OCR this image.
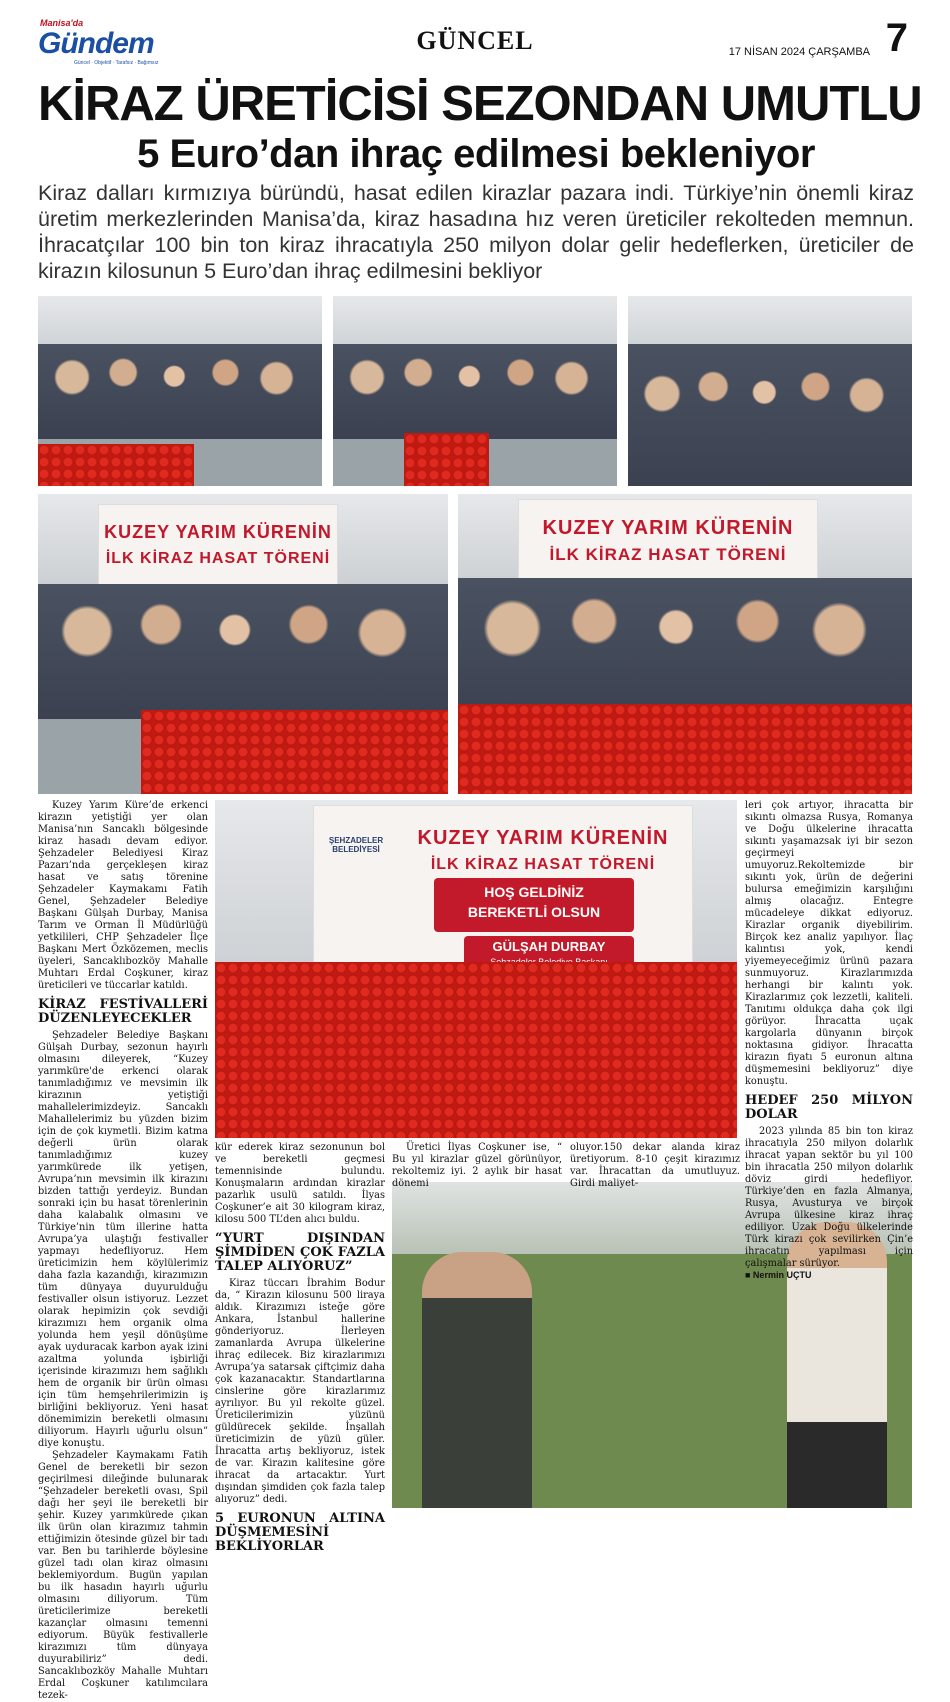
Manisa'da
Gündem
Güncel · Objektif · Tarafsız · Bağımsız
GÜNCEL	17 NİSAN 2024 ÇARŞAMBA 7
KİRAZ ÜRETİCİSİ SEZONDAN UMUTLU
5 Euro’dan ihraç edilmesi bekleniyor
Kiraz dalları kırmızıya büründü, hasat edilen kirazlar pazara indi. Türkiye’nin önemli kiraz üretim merkezlerinden Manisa’da, kiraz hasadına hız veren üreticiler rekolteden memnun. İhracatçılar 100 bin ton kiraz ihracatıyla 250 milyon dolar gelir hedeflerken, üreticiler de kirazın kilosunun 5 Euro’dan ihraç edilmesini bekliyor
KUZEY YARIM KÜRENİN
İLK KİRAZ HASAT TÖRENİ
KUZEY YARIM KÜRENİN
İLK KİRAZ HASAT TÖRENİ
ŞEHZADELER BELEDİYESİ
KUZEY YARIM KÜRENİN
İLK KİRAZ HASAT TÖRENİ
HOŞ GELDİNİZ
BEREKETLİ OLSUN
GÜLŞAH DURBAY

Kuzey Yarım Küre’de erkenci kirazın yetiştiği yer olan Manisa’nın Sancaklı bölgesinde kiraz hasadı devam ediyor. Şehzadeler Belediyesi Kiraz Pazarı’nda gerçekleşen kiraz hasat ve satış törenine Şehzadeler Kaymakamı Fatih Genel, Şehzadeler Belediye Başkanı Gülşah Durbay, Manisa Tarım ve Orman İl Müdürlüğü yetkilileri, CHP Şehzadeler İlçe Başkanı Mert Özközemen, meclis üyeleri, Sancaklıbozköy Mahalle Muhtarı Erdal Coşkuner, kiraz üreticileri ve tüccarlar katıldı.

KİRAZ FESTİVALLERİ DÜZENLEYECEKLER

Şehzadeler Belediye Başkanı Gülşah Durbay, sezonun hayırlı olmasını dileyerek, “Kuzey yarımküre'de erkenci olarak tanımladığımız ve mevsimin ilk kirazının yetiştiği mahallelerimizdeyiz. Sancaklı Mahallelerimiz bu yüzden bizim için de çok kıymetli. Bizim katma değerli ürün olarak tanımladığımız kuzey yarımkürede ilk yetişen, Avrupa’nın mevsimin ilk kirazını bizden tattığı yerdeyiz. Bundan sonraki için bu hasat törenlerinin daha kalabalık olmasını ve Türkiye’nin tüm illerine hatta Avrupa’ya ulaştığı festivaller yapmayı hedefliyoruz. Hem üreticimizin hem köylülerimiz daha fazla kazandığı, kirazımızın tüm dünyaya duyurulduğu festivaller olsun istiyoruz. Lezzet olarak hepimizin çok sevdiği kirazımızı hem organik olma yolunda hem yeşil dönüşüme ayak uyduracak karbon ayak izini azaltma yolunda işbirliği içerisinde kirazımızı hem sağlıklı hem de organik bir ürün olması için tüm hemşehrilerimizin iş birliğini bekliyoruz. Yeni hasat dönemimizin bereketli olmasını diliyorum. Hayırlı uğurlu olsun” diye konuştu.

Şehzadeler Kaymakamı Fatih Genel de bereketli bir sezon geçirilmesi dileğinde bulunarak “Şehzadeler bereketli ovası, Spil dağı her şeyi ile bereketli bir şehir. Kuzey yarımkürede çıkan ilk ürün olan kirazımız tahmin ettiğimizin ötesinde güzel bir tadı var. Ben bu tarihlerde böylesine güzel tadı olan kiraz olmasını beklemiyordum. Bugün yapılan bu ilk hasadın hayırlı uğurlu olmasını diliyorum. Tüm üreticilerimize bereketli kazançlar olmasını temenni ediyorum. Büyük festivallerle kirazımızı tüm dünyaya duyurabiliriz” dedi. Sancaklıbozköy Mahalle Muhtarı Erdal Coşkuner katılımcılara tezek-

kür ederek kiraz sezonunun bol ve bereketli geçmesi temennisinde bulundu. Konuşmaların ardından kirazlar pazarlık usulü satıldı. İlyas Coşkuner’e ait 30 kilogram kiraz, kilosu 500 TL’den alıcı buldu.

“YURT DIŞINDAN ŞİMDİDEN ÇOK FAZLA TALEP ALIYORUZ”

Kiraz tüccarı İbrahim Bodur da, “ Kirazın kilosunu 500 liraya aldık. Kirazımızı isteğe göre Ankara, İstanbul hallerine gönderiyoruz. İlerleyen zamanlarda Avrupa ülkelerine ihraç edilecek. Biz kirazlarımızı Avrupa’ya satarsak çiftçimiz daha çok kazanacaktır. Standartlarına cinslerine göre kirazlarımız ayrılıyor. Bu yıl rekolte güzel. Üreticilerimizin yüzünü güldürecek şekilde. İnşallah üreticimizin de yüzü güler. İhracatta artış bekliyoruz, istek de var. Kirazın kalitesine göre ihracat da artacaktır. Yurt dışından şimdiden çok fazla talep alıyoruz” dedi.

5 EURONUN ALTINA DÜŞMEMESİNİ BEKLİYORLAR

Üretici İlyas Coşkuner ise, “ Bu yıl kirazlar güzel görünüyor, rekoltemiz iyi. 2 aylık bir hasat dönemi

oluyor.150 dekar alanda kiraz üretiyorum. 8-10 çeşit kirazımız var. İhracattan da umutluyuz. Girdi maliyet-

leri çok artıyor, ihracatta bir sıkıntı olmazsa Rusya, Romanya ve Doğu ülkelerine ihracatta sıkıntı yaşamazsak iyi bir sezon geçirmeyi umuyoruz.Rekoltemizde bir sıkıntı yok, ürün de değerini bulursa emeğimizin karşılığını almış olacağız. Entegre mücadeleye dikkat ediyoruz. Kirazlar organik diyebilirim. Birçok kez analiz yapılıyor. İlaç kalıntısı yok, kendi yiyemeyeceğimiz ürünü pazara sunmuyoruz. Kirazlarımızda herhangi bir kalıntı yok. Kirazlarımız çok lezzetli, kaliteli. Tanıtımı oldukça daha çok ilgi görüyor. İhracatta uçak kargolarla dünyanın birçok noktasına gidiyor. İhracatta kirazın fiyatı 5 euronun altına düşmemesini bekliyoruz” diye konuştu.

HEDEF 250 MİLYON DOLAR

2023 yılında 85 bin ton kiraz ihracatıyla 250 milyon dolarlık ihracat yapan sektör bu yıl 100 bin ihracatla 250 milyon dolarlık döviz girdi hedefliyor. Türkiye’den en fazla Almanya, Rusya, Avusturya ve birçok Avrupa ülkesine kiraz ihraç ediliyor. Uzak Doğu ülkelerinde Türk kirazı çok sevilirken Çin’e ihracatın yapılması için çalışmalar sürüyor.

■ Nermin UÇTU
